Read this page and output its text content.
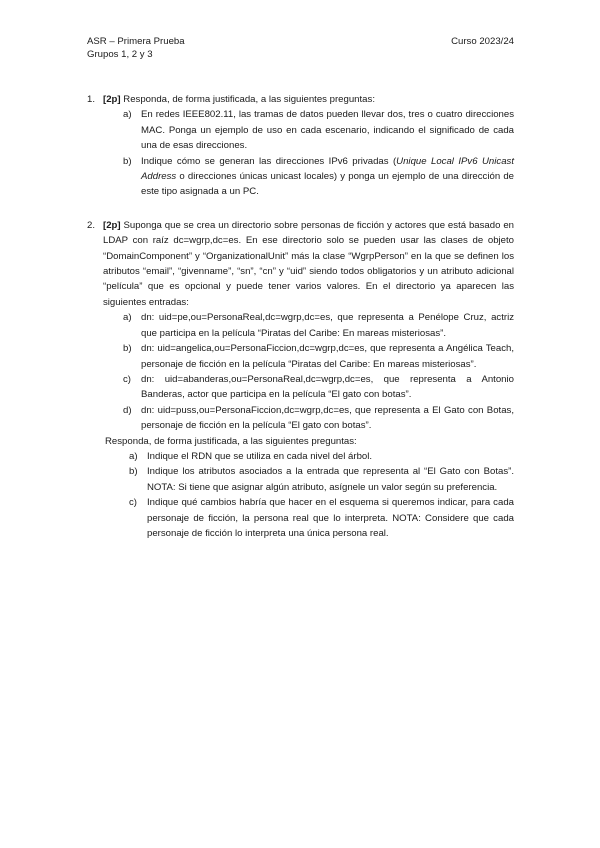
ASR – Primera Prueba
Grupos 1, 2 y 3
Curso 2023/24
1. [2p] Responda, de forma justificada, a las siguientes preguntas:
a) En redes IEEE802.11, las tramas de datos pueden llevar dos, tres o cuatro direcciones MAC. Ponga un ejemplo de uso en cada escenario, indicando el significado de cada una de esas direcciones.
b) Indique cómo se generan las direcciones IPv6 privadas (Unique Local IPv6 Unicast Address o direcciones únicas unicast locales) y ponga un ejemplo de una dirección de este tipo asignada a un PC.
2. [2p] Suponga que se crea un directorio sobre personas de ficción y actores que está basado en LDAP con raíz dc=wgrp,dc=es. En ese directorio solo se pueden usar las clases de objeto “DomainComponent” y “OrganizationalUnit” más la clase “WgrpPerson” en la que se definen los atributos “email”, “givenname”, “sn”, “cn” y “uid” siendo todos obligatorios y un atributo adicional “película” que es opcional y puede tener varios valores. En el directorio ya aparecen las siguientes entradas:
a) dn: uid=pe,ou=PersonaReal,dc=wgrp,dc=es, que representa a Penélope Cruz, actriz que participa en la película “Piratas del Caribe: En mareas misteriosas”.
b) dn: uid=angelica,ou=PersonaFiccion,dc=wgrp,dc=es, que representa a Angélica Teach, personaje de ficción en la película “Piratas del Caribe: En mareas misteriosas”.
c)	dn: uid=abanderas,ou=PersonaReal,dc=wgrp,dc=es, que representa a Antonio Banderas, actor que participa en la película “El gato con botas”.
d) dn: uid=puss,ou=PersonaFiccion,dc=wgrp,dc=es, que representa a El Gato con Botas, personaje de ficción en la película “El gato con botas”.
Responda, de forma justificada, a las siguientes preguntas:
a) Indique el RDN que se utiliza en cada nivel del árbol.
b) Indique los atributos asociados a la entrada que representa al “El Gato con Botas”. NOTA: Si tiene que asignar algún atributo, asígnele un valor según su preferencia.
c)	Indique qué cambios habría que hacer en el esquema si queremos indicar, para cada personaje de ficción, la persona real que lo interpreta. NOTA: Considere que cada personaje de ficción lo interpreta una única persona real.
